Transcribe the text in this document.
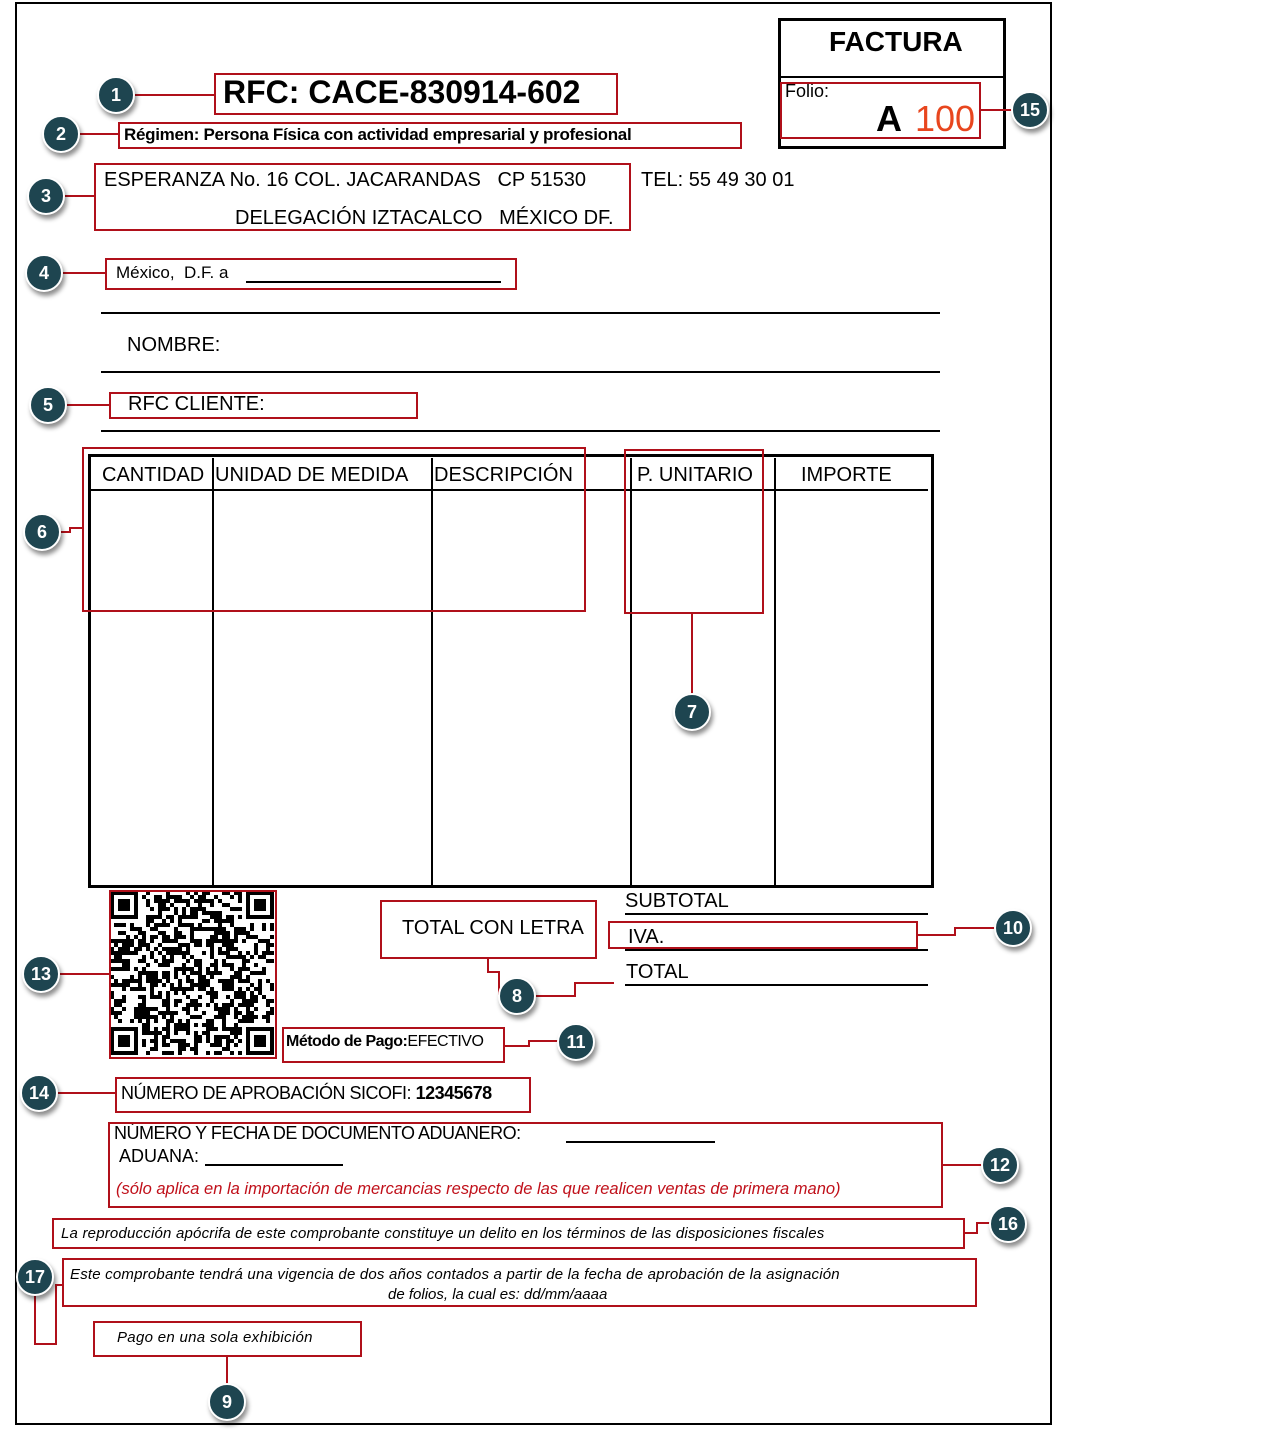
FACTURA
Folio:
A 100
RFC: CACE-830914-602
Régimen: Persona Física con actividad empresarial y profesional
ESPERANZA No. 16 COL. JACARANDAS   CP 51530
DELEGACIÓN IZTACALCO   MÉXICO DF.
TEL: 55 49 30 01
México,  D.F. a
NOMBRE:
RFC CLIENTE:
CANTIDAD UNIDAD DE MEDIDA DESCRIPCIÓN	P. UNITARIO IMPORTE
SUBTOTAL
IVA.
TOTAL
TOTAL CON LETRA
Método de Pago:EFECTIVO
NÚMERO DE APROBACIÓN SICOFI: 12345678
NÚMERO Y FECHA DE DOCUMENTO ADUANERO:
ADUANA:
(sólo aplica en la importación de mercancias respecto de las que realicen ventas de primera mano)
La reproducción apócrifa de este comprobante constituye un delito en los términos de las disposiciones fiscales
Este comprobante tendrá una vigencia de dos años contados a partir de la fecha de aprobación de la asignación
de folios, la cual es: dd/mm/aaaa
Pago en una sola exhibición
1
2
3
4
5
6
7
8
9
10
11
12
13
14
15
16
17
